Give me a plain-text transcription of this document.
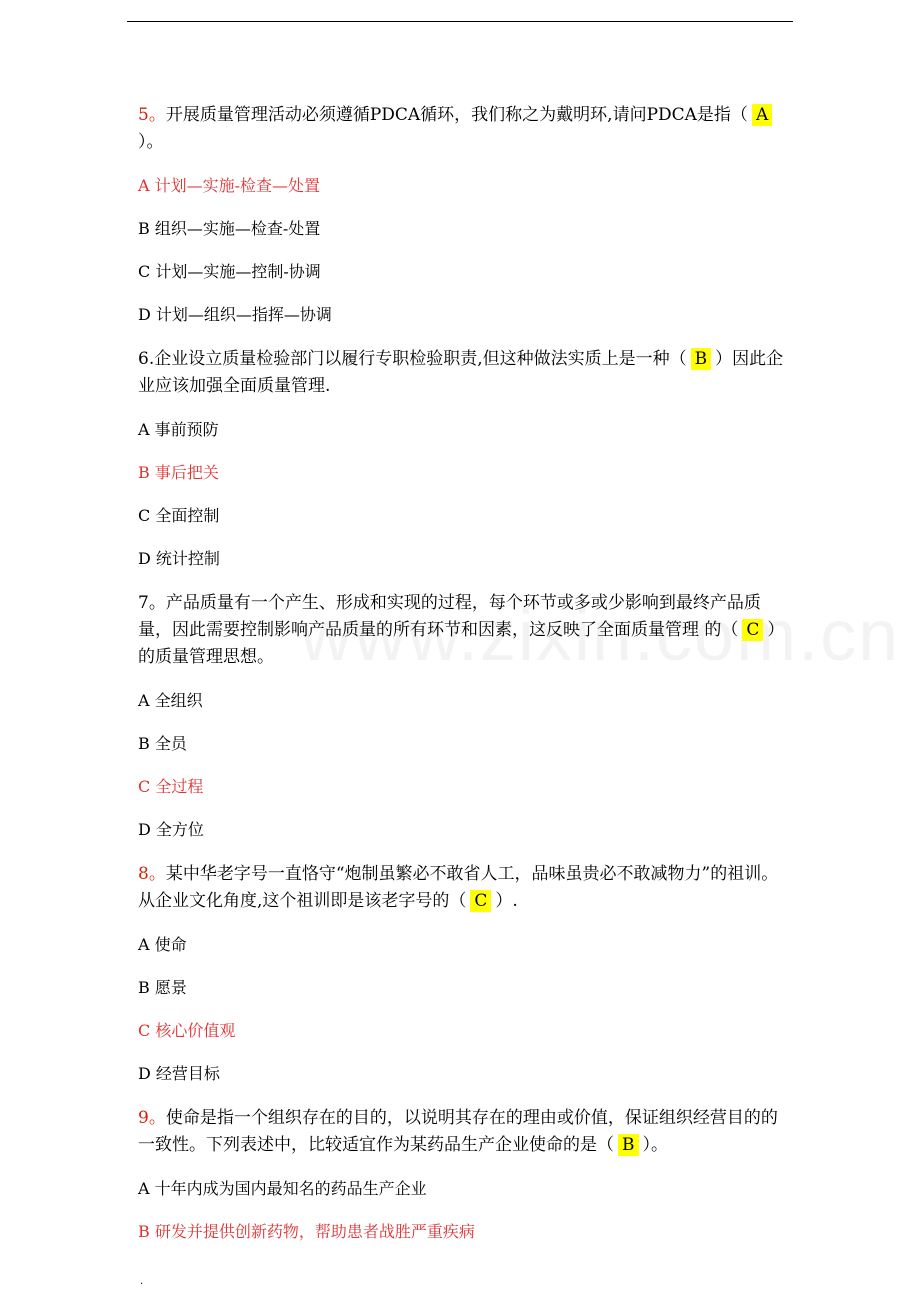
5。开展质量管理活动必须遵循PDCA循环，我们称之为戴明环,请问PDCA是指（ A）。

A 计划—实施-检查—处置

B 组织—实施—检查-处置

C 计划—实施—控制-协调

D 计划—组织—指挥—协调

6.企业设立质量检验部门以履行专职检验职责,但这种做法实质上是一种（ B ）因此企业应该加强全面质量管理.

A 事前预防

B 事后把关

C 全面控制

D 统计控制

7。产品质量有一个产生、形成和实现的过程，每个环节或多或少影响到最终产品质量，因此需要控制影响产品质量的所有环节和因素，这反映了全面质量管理 的（ C ）的质量管理思想。

A 全组织

B 全员

C 全过程

D 全方位

8。某中华老字号一直恪守“炮制虽繁必不敢省人工，品味虽贵必不敢减物力”的祖训。从企业文化角度,这个祖训即是该老字号的（ C ）.

A 使命

B 愿景

C 核心价值观

D 经营目标

9。使命是指一个组织存在的目的，以说明其存在的理由或价值，保证组织经营目的的一致性。下列表述中，比较适宜作为某药品生产企业使命的是（ B ）。

A 十年内成为国内最知名的药品生产企业

B 研发并提供创新药物，帮助患者战胜严重疾病

.
